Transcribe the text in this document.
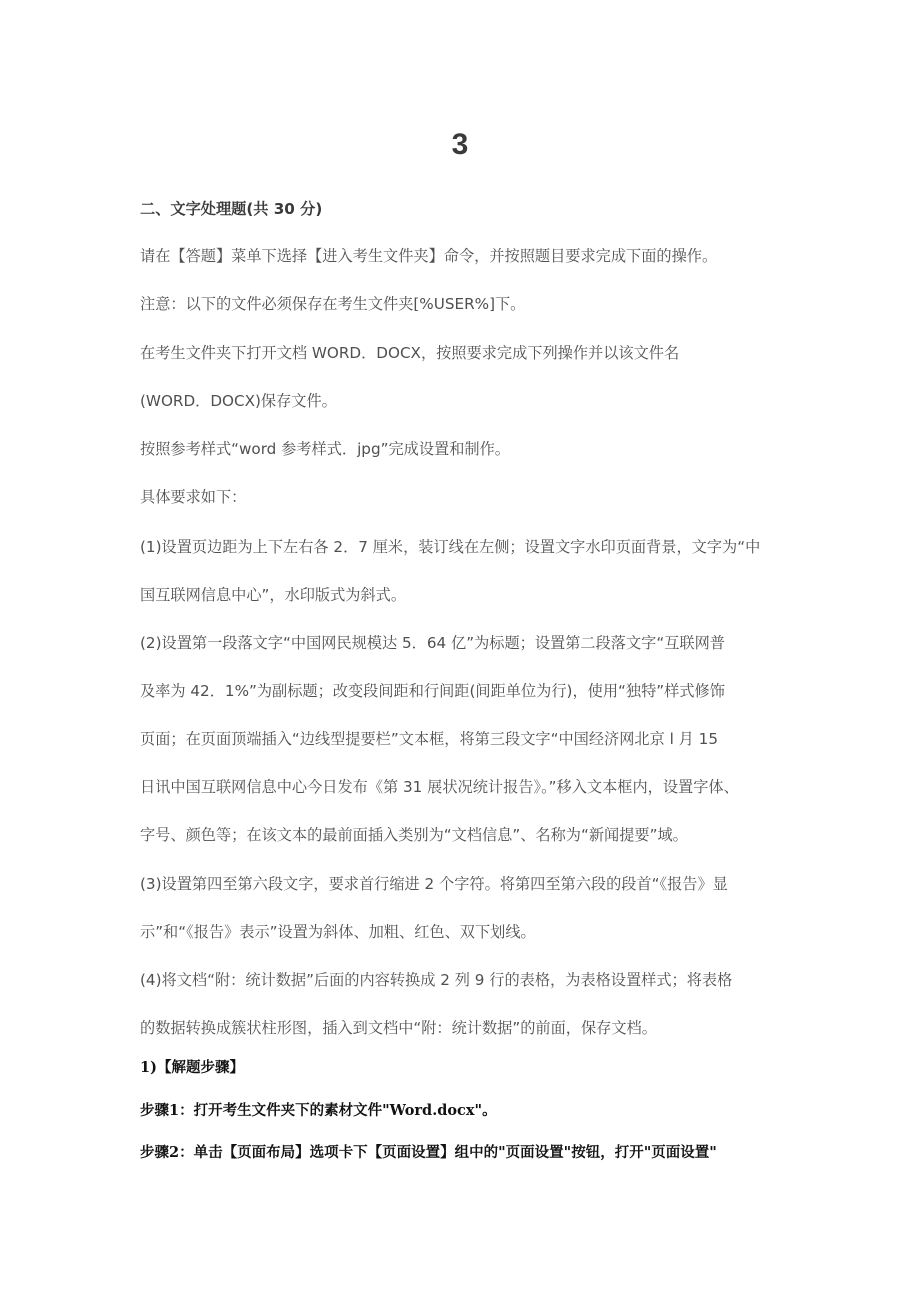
3
二、文字处理题(共 30 分)
请在【答题】菜单下选择【进入考生文件夹】命令，并按照题目要求完成下面的操作。
注意：以下的文件必须保存在考生文件夹[%USER%]下。
在考生文件夹下打开文档 WORD．DOCX，按照要求完成下列操作并以该文件名
(WORD．DOCX)保存文件。
按照参考样式“word 参考样式．jpg”完成设置和制作。
具体要求如下：
(1)设置页边距为上下左右各 2．7 厘米，装订线在左侧；设置文字水印页面背景，文字为“中
国互联网信息中心”，水印版式为斜式。
(2)设置第一段落文字“中国网民规模达 5．64 亿”为标题；设置第二段落文字“互联网普
及率为 42．1%”为副标题；改变段间距和行间距(间距单位为行)，使用“独特”样式修饰
页面；在页面顶端插入“边线型提要栏”文本框，将第三段文字“中国经济网北京 l 月 15
日讯中国互联网信息中心今日发布《第 31 展状况统计报告》。”移入文本框内，设置字体、
字号、颜色等；在该文本的最前面插入类别为“文档信息”、名称为“新闻提要”域。
(3)设置第四至第六段文字，要求首行缩进 2 个字符。将第四至第六段的段首“《报告》显
示”和“《报告》表示”设置为斜体、加粗、红色、双下划线。
(4)将文档“附：统计数据”后面的内容转换成 2 列 9 行的表格，为表格设置样式；将表格
的数据转换成簇状柱形图，插入到文档中“附：统计数据”的前面，保存文档。
1)【解题步骤】
步骤1：打开考生文件夹下的素材文件"Word.docx"。
步骤2：单击【页面布局】选项卡下【页面设置】组中的"页面设置"按钮，打开"页面设置"
